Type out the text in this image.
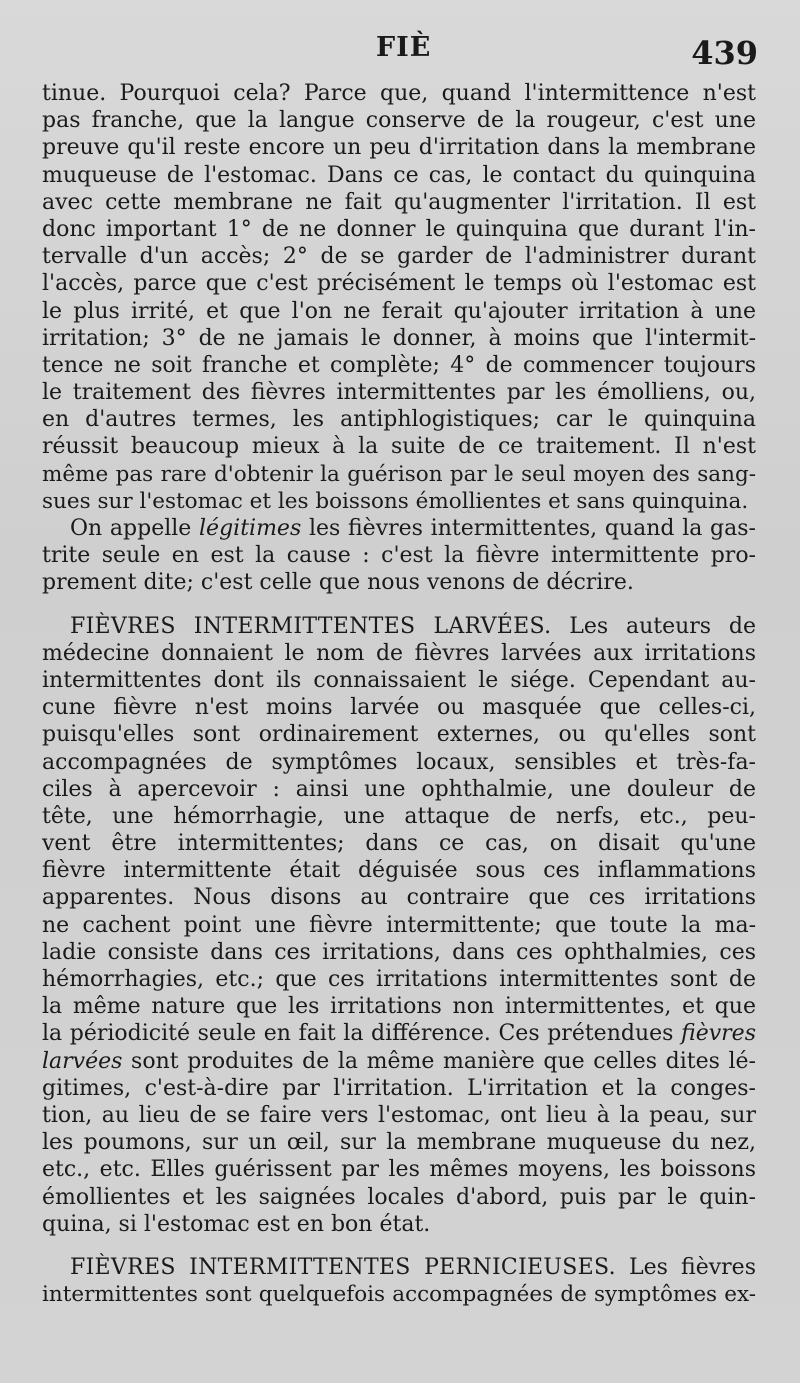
FIÈ	439
tinue. Pourquoi cela? Parce que, quand l'intermittence n'est
pas franche, que la langue conserve de la rougeur, c'est une
preuve qu'il reste encore un peu d'irritation dans la membrane
muqueuse de l'estomac. Dans ce cas, le contact du quinquina
avec cette membrane ne fait qu'augmenter l'irritation. Il est
donc important 1° de ne donner le quinquina que durant l'in-
tervalle d'un accès; 2° de se garder de l'administrer durant
l'accès, parce que c'est précisément le temps où l'estomac est
le plus irrité, et que l'on ne ferait qu'ajouter irritation à une
irritation; 3° de ne jamais le donner, à moins que l'intermit-
tence ne soit franche et complète; 4° de commencer toujours
le traitement des fièvres intermittentes par les émolliens, ou,
en d'autres termes, les antiphlogistiques; car le quinquina
réussit beaucoup mieux à la suite de ce traitement. Il n'est
même pas rare d'obtenir la guérison par le seul moyen des sang-
sues sur l'estomac et les boissons émollientes et sans quinquina.
On appelle légitimes les fièvres intermittentes, quand la gas-
trite seule en est la cause : c'est la fièvre intermittente pro-
prement dite; c'est celle que nous venons de décrire.
FIÈVRES INTERMITTENTES LARVÉES. Les auteurs de
médecine donnaient le nom de fièvres larvées aux irritations
intermittentes dont ils connaissaient le siége. Cependant au-
cune fièvre n'est moins larvée ou masquée que celles-ci,
puisqu'elles sont ordinairement externes, ou qu'elles sont
accompagnées de symptômes locaux, sensibles et très-fa-
ciles à apercevoir : ainsi une ophthalmie, une douleur de
tête, une hémorrhagie, une attaque de nerfs, etc., peu-
vent être intermittentes; dans ce cas, on disait qu'une
fièvre intermittente était déguisée sous ces inflammations
apparentes. Nous disons au contraire que ces irritations
ne cachent point une fièvre intermittente; que toute la ma-
ladie consiste dans ces irritations, dans ces ophthalmies, ces
hémorrhagies, etc.; que ces irritations intermittentes sont de
la même nature que les irritations non intermittentes, et que
la périodicité seule en fait la différence. Ces prétendues fièvres
larvées sont produites de la même manière que celles dites lé-
gitimes, c'est-à-dire par l'irritation. L'irritation et la conges-
tion, au lieu de se faire vers l'estomac, ont lieu à la peau, sur
les poumons, sur un œil, sur la membrane muqueuse du nez,
etc., etc. Elles guérissent par les mêmes moyens, les boissons
émollientes et les saignées locales d'abord, puis par le quin-
quina, si l'estomac est en bon état.
FIÈVRES INTERMITTENTES PERNICIEUSES. Les fièvres
intermittentes sont quelquefois accompagnées de symptômes ex-
